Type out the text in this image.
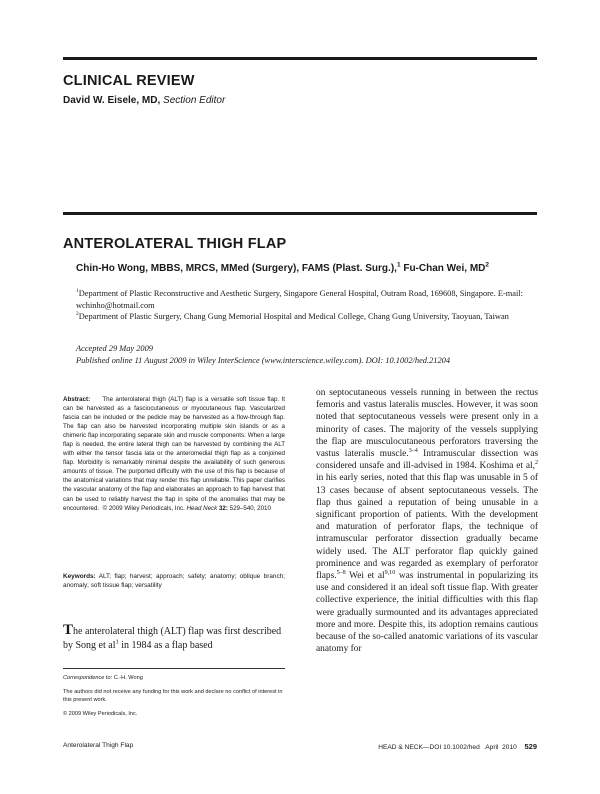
CLINICAL REVIEW
David W. Eisele, MD, Section Editor
ANTEROLATERAL THIGH FLAP
Chin-Ho Wong, MBBS, MRCS, MMed (Surgery), FAMS (Plast. Surg.),$^1$ Fu-Chan Wei, $MD^2$
$^1$Department of Plastic Reconstructive and Aesthetic Surgery, Singapore General Hospital, Outram Road, 169608, Singapore. E-mail: wchinho@hotmail.com
$^2$Department of Plastic Surgery, Chang Gung Memorial Hospital and Medical College, Chang Gung University, Taoyuan, Taiwan
Accepted 29 May 2009
Published online 11 August 2009 in Wiley InterScience (www.interscience.wiley.com). DOI: 10.1002/hed.21204
Abstract: The anterolateral thigh (ALT) flap is a versatile soft tissue flap. It can be harvested as a fasciocutaneous or myocutaneous flap. Vascularized fascia can be included or the pedicle may be harvested as a flow-through flap. The flap can also be harvested incorporating multiple skin islands or as a chimeric flap incorporating separate skin and muscle components. When a large flap is needed, the entire lateral thigh can be harvested by combining the ALT with either the tensor fascia lata or the anteromedial thigh flap as a conjoined flap. Morbidity is remarkably minimal despite the availability of such generous amounts of tissue. The purported difficulty with the use of this flap is because of the anatomical variations that may render this flap unreliable. This paper clarifies the vascular anatomy of the flap and elaborates an approach to flap harvest that can be used to reliably harvest the flap in spite of the anomalies that may be encountered. © 2009 Wiley Periodicals, Inc. Head Neck 32: 529–540, 2010
Keywords: ALT; flap; harvest; approach; safety; anatomy; oblique branch; anomaly; soft tissue flap; versatility
The anterolateral thigh (ALT) flap was first described by Song et $al^1$ in 1984 as a flap based

Correspondence to: C.-H. Wong

The authors did not receive any funding for this work and declare no conflict of interest in this present work.

© 2009 Wiley Periodicals, Inc.

on septocutaneous vessels running in between the rectus femoris and vastus lateralis muscles. However, it was soon noted that septocutaneous vessels were present only in a minority of cases. The majority of the vessels supplying the flap are musculocutaneous perforators traversing the vastus lateralis muscle.$^{3-4}$ Intramuscular dissection was considered unsafe and ill-advised in 1984. Koshima et al,$^2$ in his early series, noted that this flap was unusable in 5 of 13 cases because of absent septocutaneous vessels. The flap thus gained a reputation of being unusable in a significant proportion of patients. With the development and maturation of perforator flaps, the technique of intramuscular perforator dissection gradually became widely used. The ALT perforator flap quickly gained prominence and was regarded as exemplary of perforator flaps.$^{5-8}$ Wei et al$^{9,10}$ was instrumental in popularizing its use and considered it an ideal soft tissue flap. With greater collective experience, the initial difficulties with this flap were gradually surmounted and its advantages appreciated more and more. Despite this, its adoption remains cautious because of the so-called anatomic variations of its vascular anatomy for
Anterolateral Thigh Flap	HEAD & NECK—DOI 10.1002/hed April 2010 529
